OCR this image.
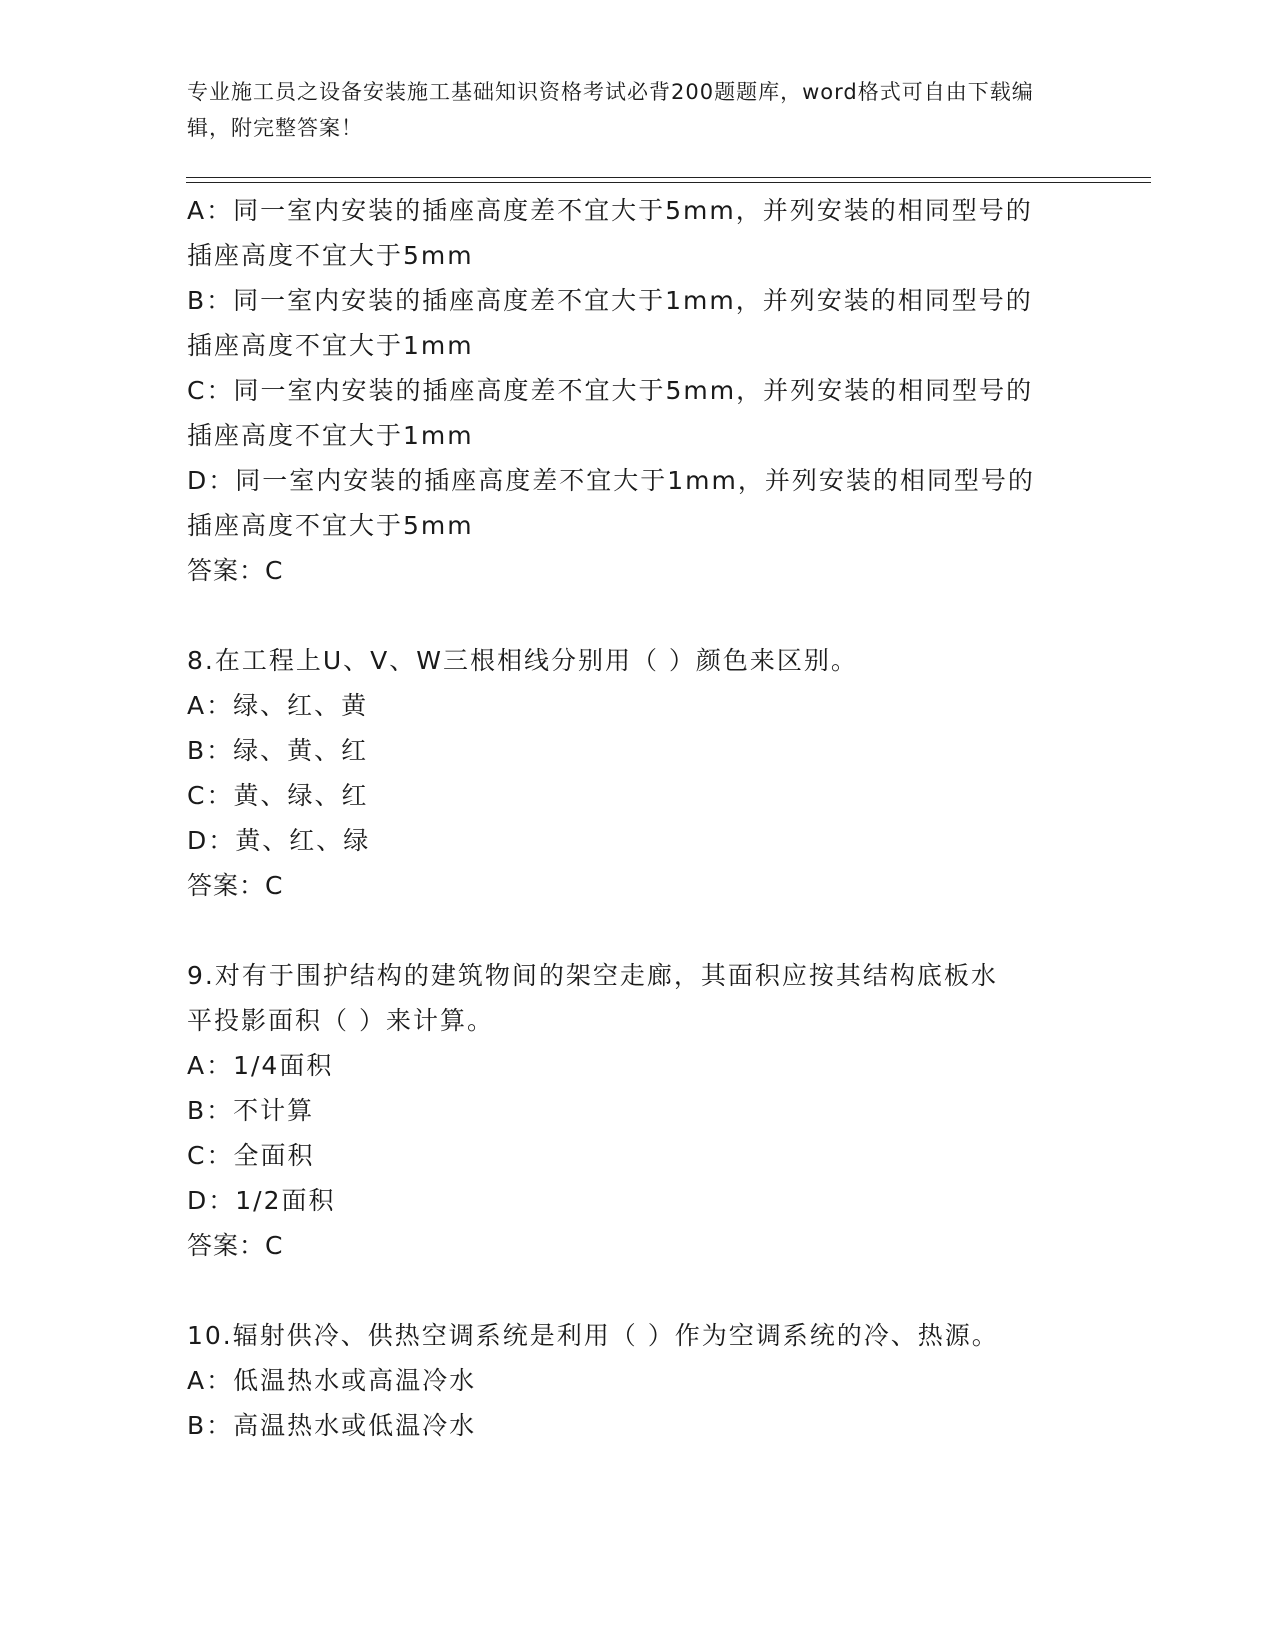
专业施工员之设备安装施工基础知识资格考试必背200题题库，word格式可自由下载编辑，附完整答案！

A：同一室内安装的插座高度差不宜大于5mm，并列安装的相同型号的

插座高度不宜大于5mm

B：同一室内安装的插座高度差不宜大于1mm，并列安装的相同型号的

插座高度不宜大于1mm

C：同一室内安装的插座高度差不宜大于5mm，并列安装的相同型号的

插座高度不宜大于1mm

D：同一室内安装的插座高度差不宜大于1mm，并列安装的相同型号的

插座高度不宜大于5mm

答案：C

8.在工程上U、V、W三根相线分别用（ ）颜色来区别。

A：绿、红、黄

B：绿、黄、红

C：黄、绿、红

D：黄、红、绿

答案：C

9.对有于围护结构的建筑物间的架空走廊，其面积应按其结构底板水

平投影面积（ ）来计算。

A：1/4面积

B：不计算

C：全面积

D：1/2面积

答案：C

10.辐射供冷、供热空调系统是利用（ ）作为空调系统的冷、热源。

A：低温热水或高温冷水

B：高温热水或低温冷水
